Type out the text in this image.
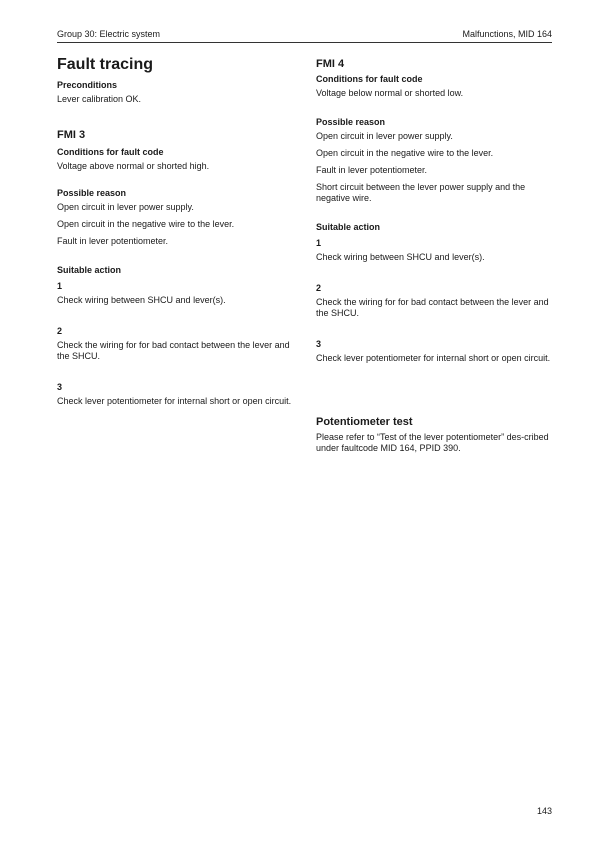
Group 30: Electric system	Malfunctions, MID 164
Fault tracing
Preconditions

Lever calibration OK.

FMI 3
Conditions for fault code

Voltage above normal or shorted high.

Possible reason

Open circuit in lever power supply.

Open circuit in the negative wire to the lever.

Fault in lever potentiometer.

Suitable action
1

Check wiring between SHCU and lever(s).

2

Check the wiring for for bad contact between the lever and the SHCU.

3

Check lever potentiometer for internal short or open circuit.

FMI 4
Conditions for fault code

Voltage below normal or shorted low.

Possible reason

Open circuit in lever power supply.

Open circuit in the negative wire to the lever.

Fault in lever potentiometer.

Short circuit between the lever power supply and the negative wire.

Suitable action
1

Check wiring between SHCU and lever(s).

2

Check the wiring for for bad contact between the lever and the SHCU.

3

Check lever potentiometer for internal short or open circuit.

Potentiometer test

Please refer to “Test of the lever potentiometer” des-cribed under faultcode MID 164, PPID 390.

143
